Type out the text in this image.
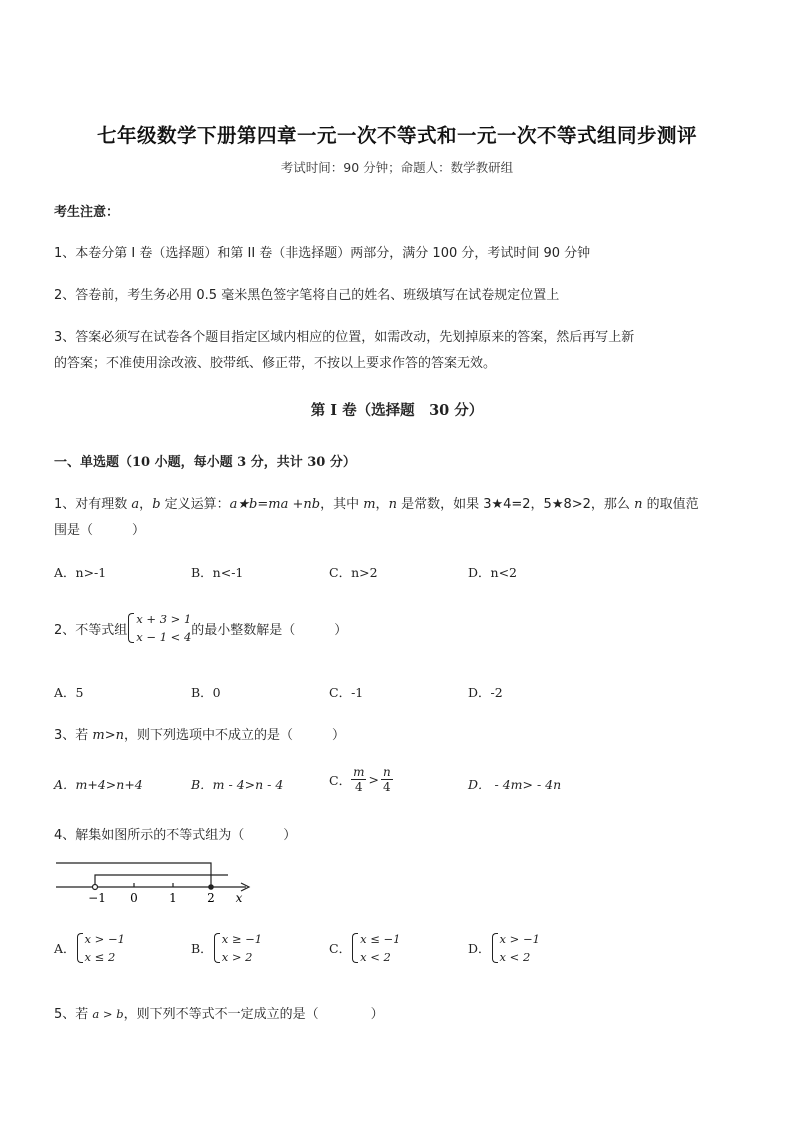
七年级数学下册第四章一元一次不等式和一元一次不等式组同步测评
考试时间：90 分钟；命题人：数学教研组
考生注意：
1、本卷分第 I 卷（选择题）和第 II 卷（非选择题）两部分，满分 100 分，考试时间 90 分钟
2、答卷前，考生务必用 0.5 毫米黑色签字笔将自己的姓名、班级填写在试卷规定位置上
3、答案必须写在试卷各个题目指定区域内相应的位置，如需改动，先划掉原来的答案，然后再写上新
的答案；不准使用涂改液、胶带纸、修正带，不按以上要求作答的答案无效。
第 I 卷（选择题　30 分）
一、单选题（10 小题，每小题 3 分，共计 30 分）
1、对有理数 a，b 定义运算：a★b=ma +nb，其中 m，n 是常数，如果 3★4=2，5★8>2，那么 n 的取值范
围是（　　　）
A．n>-1	B．n<-1	C．n>2	D．n<2
2、不等式组
x + 3 > 1
x − 1 < 4 的最小整数解是（　　　）
A．5	B．0	C．-1	D．-2
3、若 m>n，则下列选项中不成立的是（　　　）
A．m+4>n+4	B．m - 4>n - 4	C． $\frac{m}{4} > \frac{n}{4}$	D． - 4m> - 4n
4、解集如图所示的不等式组为（　　　）
−1 0	1	2 x
A．
x > −1
x ≤ 2
B．
x ≥ −1
x > 2
C．
x ≤ −1
x < 2
D．
x > −1
x < 2
5、若 a > b，则下列不等式不一定成立的是（　　　　）
